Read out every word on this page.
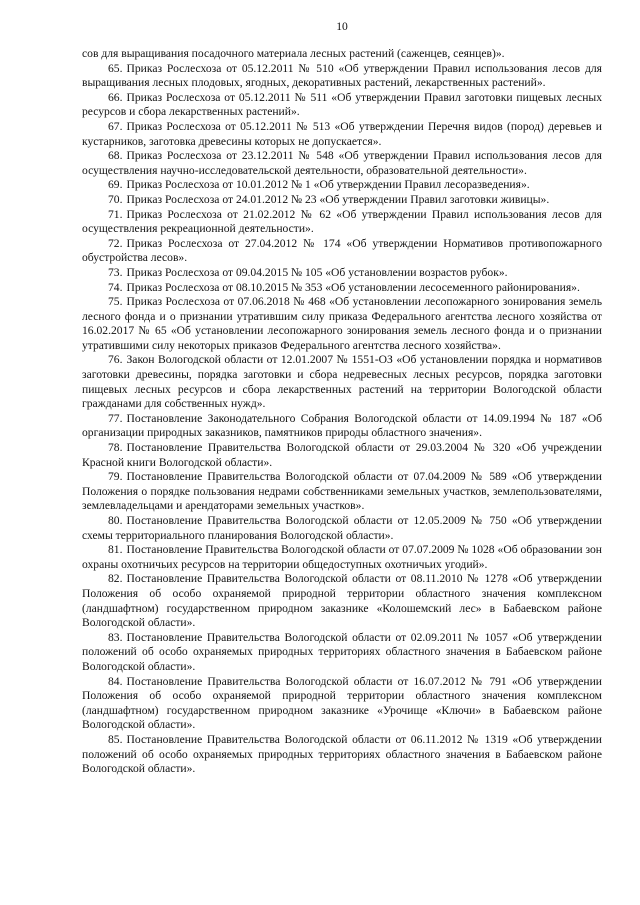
10

сов для выращивания посадочного материала лесных растений (саженцев, сеянцев)».

65. Приказ Рослесхоза от 05.12.2011 № 510 «Об утверждении Правил использования лесов для выращивания лесных плодовых, ягодных, декоративных растений, лекарственных растений».

66. Приказ Рослесхоза от 05.12.2011 № 511 «Об утверждении Правил заготовки пищевых лесных ресурсов и сбора лекарственных растений».

67. Приказ Рослесхоза от 05.12.2011 № 513 «Об утверждении Перечня видов (пород) деревьев и кустарников, заготовка древесины которых не допускается».

68. Приказ Рослесхоза от 23.12.2011 № 548 «Об утверждении Правил использования лесов для осуществления научно-исследовательской деятельности, образовательной деятельности».

69. Приказ Рослесхоза от 10.01.2012 № 1 «Об утверждении Правил лесоразведения».

70. Приказ Рослесхоза от 24.01.2012 № 23 «Об утверждении Правил заготовки живицы».

71. Приказ Рослесхоза от 21.02.2012 № 62 «Об утверждении Правил использования лесов для осуществления рекреационной деятельности».

72. Приказ Рослесхоза от 27.04.2012 № 174 «Об утверждении Нормативов противопожарного обустройства лесов».

73. Приказ Рослесхоза от 09.04.2015 № 105 «Об установлении возрастов рубок».

74. Приказ Рослесхоза от 08.10.2015 № 353 «Об установлении лесосеменного районирования».

75. Приказ Рослесхоза от 07.06.2018 № 468 «Об установлении лесопожарного зонирования земель лесного фонда и о признании утратившим силу приказа Федерального агентства лесного хозяйства от 16.02.2017 № 65 «Об установлении лесопожарного зонирования земель лесного фонда и о признании утратившими силу некоторых приказов Федерального агентства лесного хозяйства».

76. Закон Вологодской области от 12.01.2007 № 1551-ОЗ «Об установлении порядка и нормативов заготовки древесины, порядка заготовки и сбора недревесных лесных ресурсов, порядка заготовки пищевых лесных ресурсов и сбора лекарственных растений на территории Вологодской области гражданами для собственных нужд».

77. Постановление Законодательного Собрания Вологодской области от 14.09.1994 № 187 «Об организации природных заказников, памятников природы областного значения».

78. Постановление Правительства Вологодской области от 29.03.2004 № 320 «Об учреждении Красной книги Вологодской области».

79. Постановление Правительства Вологодской области от 07.04.2009 № 589 «Об утверждении Положения о порядке пользования недрами собственниками земельных участков, землепользователями, землевладельцами и арендаторами земельных участков».

80. Постановление Правительства Вологодской области от 12.05.2009 № 750 «Об утверждении схемы территориального планирования Вологодской области».

81. Постановление Правительства Вологодской области от 07.07.2009 № 1028 «Об образовании зон охраны охотничьих ресурсов на территории общедоступных охотничьих угодий».

82. Постановление Правительства Вологодской области от 08.11.2010 № 1278 «Об утверждении Положения об особо охраняемой природной территории областного значения комплексном (ландшафтном) государственном природном заказнике «Колошемский лес» в Бабаевском районе Вологодской области».

83. Постановление Правительства Вологодской области от 02.09.2011 № 1057 «Об утверждении положений об особо охраняемых природных территориях областного значения в Бабаевском районе Вологодской области».

84. Постановление Правительства Вологодской области от 16.07.2012 № 791 «Об утверждении Положения об особо охраняемой природной территории областного значения комплексном (ландшафтном) государственном природном заказнике «Урочище «Ключи» в Бабаевском районе Вологодской области».

85. Постановление Правительства Вологодской области от 06.11.2012 № 1319 «Об утверждении положений об особо охраняемых природных территориях областного значения в Бабаевском районе Вологодской области».
